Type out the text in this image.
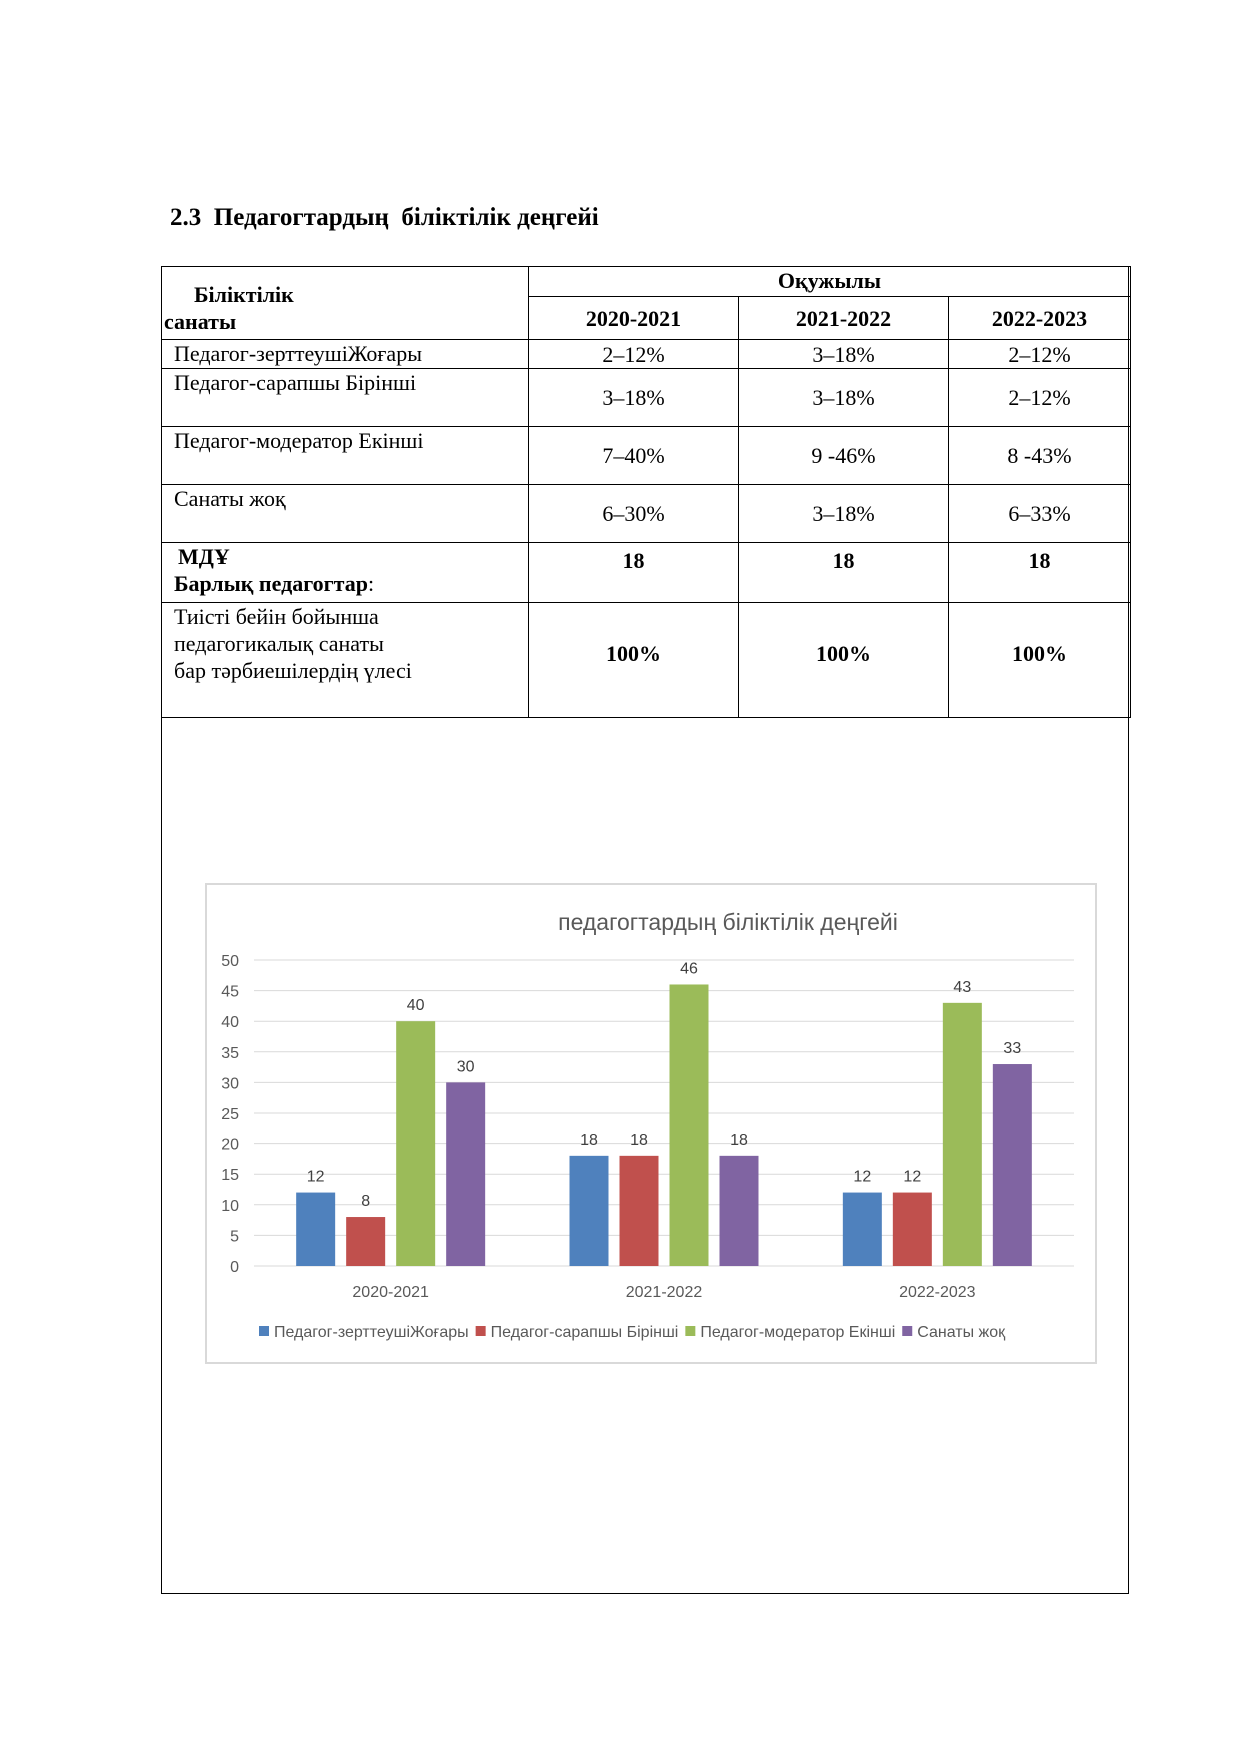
2.3  Педагогтардың  біліктілік деңгейі

Біліктілік
санаты	Оқужылы		
	2020-2021	2021-2022	2022-2023
Педагог-зерттеушіЖоғары	2–12%	3–18%	2–12%
Педагог-сарапшы Бірінші	3–18%	3–18%	2–12%
Педагог-модератор Екінші	7–40%	9 -46%	8 -43%
Санаты жоқ	6–30%	3–18%	6–33%

МДҰ
Барлық педагогтар:	18	18	18

Тиісті бейін бойынша
педагогикалық санаты
бар тәрбиешілердің үлесі	100%	100%	100%
педагогтардың біліктілік деңгейі
0
5
10
15
20
25
30
35
40
45
50
12
8
40
30
18 18
46
18
12 12
43
33
2020-2021	2021-2022	2022-2023
Педагог-зерттеушіЖоғары Педагог-сарапшы Бірінші Педагог-модератор Екінші Санаты жоқ
